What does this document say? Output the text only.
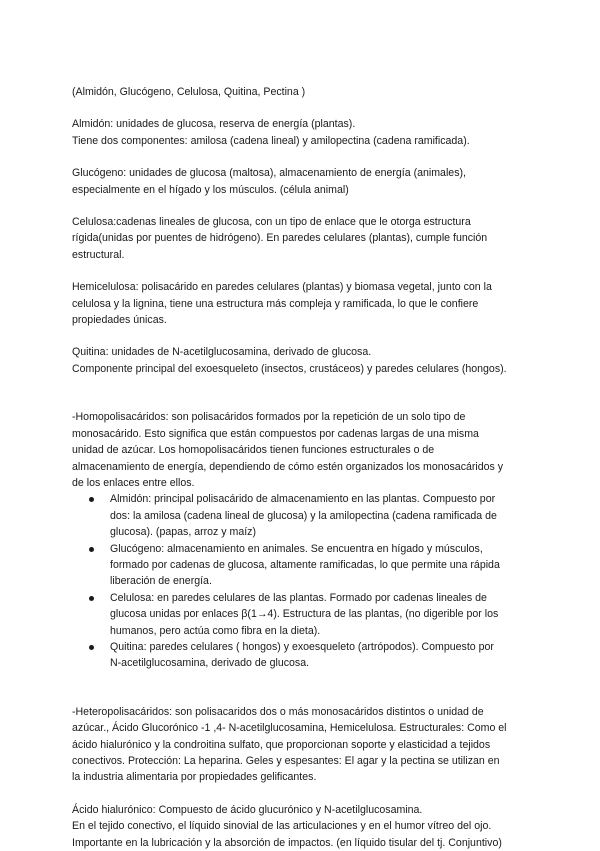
(Almidón, Glucógeno, Celulosa, Quitina, Pectina )

Almidón: unidades de glucosa, reserva de energía (plantas).

Tiene dos componentes: amilosa (cadena lineal) y amilopectina (cadena ramificada).

Glucógeno: unidades de glucosa (maltosa), almacenamiento de energía (animales),

especialmente en el hígado y los músculos. (célula animal)

Celulosa:cadenas lineales de glucosa, con un tipo de enlace que le otorga estructura

rígida(unidas por puentes de hidrógeno). En paredes celulares (plantas), cumple función

estructural.

Hemicelulosa: polisacárido en paredes celulares (plantas) y biomasa vegetal, junto con la

celulosa y la lignina, tiene una estructura más compleja y ramificada, lo que le confiere

propiedades únicas.

Quitina: unidades de N-acetilglucosamina, derivado de glucosa.

Componente principal del exoesqueleto (insectos, crustáceos) y paredes celulares (hongos).

-Homopolisacáridos: son polisacáridos formados por la repetición de un solo tipo de

monosacárido. Esto significa que están compuestos por cadenas largas de una misma

unidad de azúcar. Los homopolisacáridos tienen funciones estructurales o de

almacenamiento de energía, dependiendo de cómo estén organizados los monosacáridos y

de los enlaces entre ellos.

Almidón: principal polisacárido de almacenamiento en las plantas. Compuesto por
dos: la amilosa (cadena lineal de glucosa) y la amilopectina (cadena ramificada de
glucosa). (papas, arroz y maíz)
Glucógeno: almacenamiento en animales. Se encuentra en hígado y músculos,
formado por cadenas de glucosa, altamente ramificadas, lo que permite una rápida
liberación de energía.
Celulosa: en paredes celulares de las plantas. Formado por cadenas lineales de
glucosa unidas por enlaces β(1→4). Estructura de las plantas, (no digerible por los
humanos, pero actúa como fibra en la dieta).
Quitina: paredes celulares ( hongos) y exoesqueleto (artrópodos). Compuesto por
N-acetilglucosamina, derivado de glucosa.

-Heteropolisacáridos: son polisacaridos dos o más monosacáridos distintos o unidad de

azúcar., Ácido Glucorónico -1 ,4- N-acetilglucosamina, Hemicelulosa. Estructurales: Como el

ácido hialurónico y la condroitina sulfato, que proporcionan soporte y elasticidad a tejidos

conectivos. Protección: La heparina. Geles y espesantes: El agar y la pectina se utilizan en

la industria alimentaria por propiedades gelificantes.

Ácido hialurónico: Compuesto de ácido glucurónico y N-acetilglucosamina.

En el tejido conectivo, el líquido sinovial de las articulaciones y en el humor vítreo del ojo.

Importante en la lubricación y la absorción de impactos. (en líquido tisular del tj. Conjuntivo)
